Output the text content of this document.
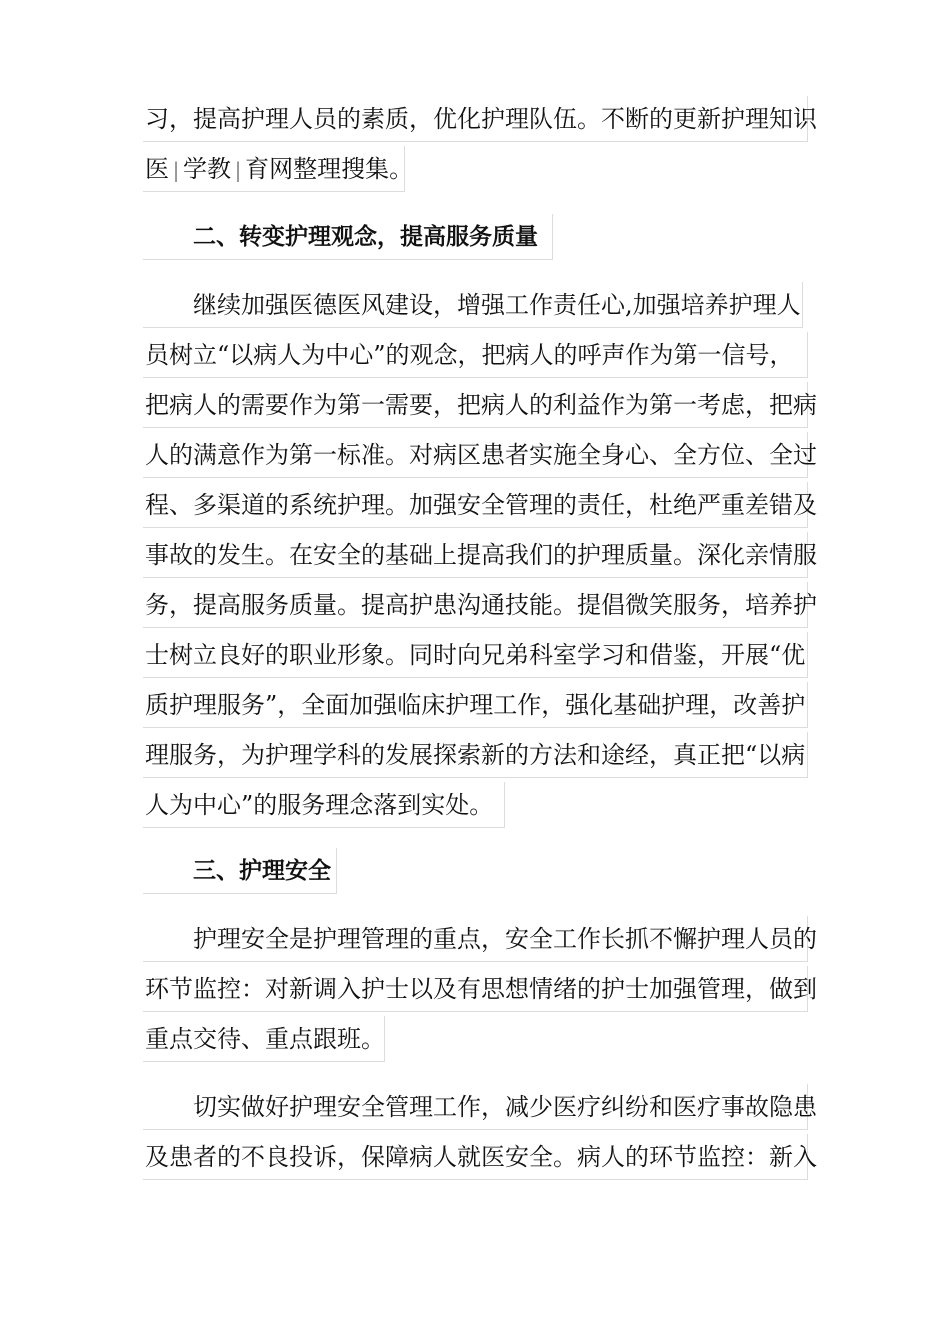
习，提高护理人员的素质，优化护理队伍。不断的更新护理知识
医|学教|育网整理搜集。
二、转变护理观念，提高服务质量
继续加强医德医风建设，增强工作责任心,加强培养护理人
员树立“以病人为中心”的观念，把病人的呼声作为第一信号，
把病人的需要作为第一需要，把病人的利益作为第一考虑，把病
人的满意作为第一标准。对病区患者实施全身心、全方位、全过
程、多渠道的系统护理。加强安全管理的责任，杜绝严重差错及
事故的发生。在安全的基础上提高我们的护理质量。深化亲情服
务，提高服务质量。提高护患沟通技能。提倡微笑服务，培养护
士树立良好的职业形象。同时向兄弟科室学习和借鉴，开展“优
质护理服务”，全面加强临床护理工作，强化基础护理，改善护
理服务，为护理学科的发展探索新的方法和途经，真正把“以病
人为中心”的服务理念落到实处。
三、护理安全
护理安全是护理管理的重点，安全工作长抓不懈护理人员的
环节监控：对新调入护士以及有思想情绪的护士加强管理，做到
重点交待、重点跟班。
切实做好护理安全管理工作，减少医疗纠纷和医疗事故隐患
及患者的不良投诉，保障病人就医安全。病人的环节监控：新入
